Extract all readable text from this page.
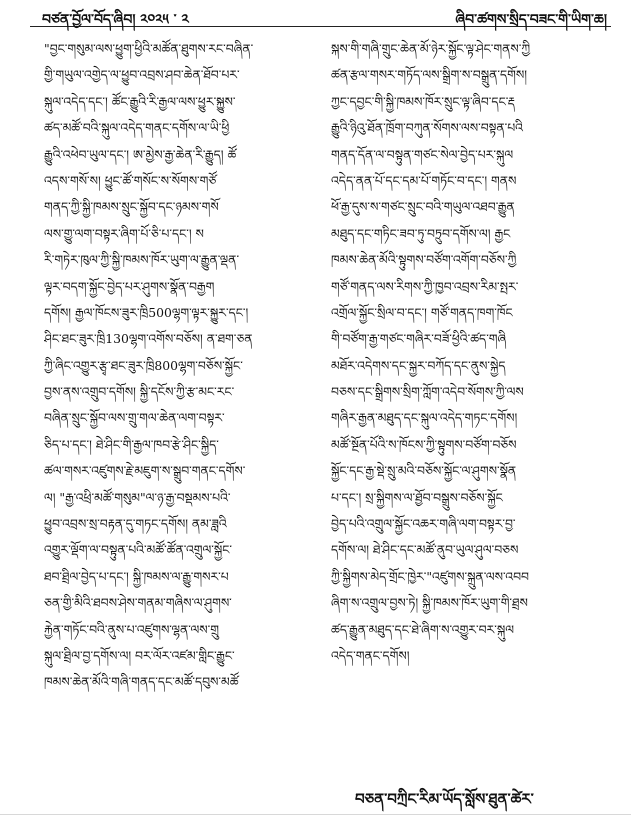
བཙན་བྱོལ་བོད་ཞིབ། ༢༠༢༥ ་ ༢	ཞིབ་ཚགས་སྲིད་བཟང་གི་ཡིག་ཆ།
"བྱང་གསུམ་ལས་ཕྱུག་ཕྱིའི་མཚོན་ཐུགས་རང་བཞིན་
གྱི་གཡུལ་འགྱེད་ལ་ཕྱུབ་འབྲས་ཤབ་ཆེན་ཐོབ་པར་
སྐུལ་འདེད་དང་། ཚོང་རྒྱུའི་རི་རྒྱལ་ལས་ཕྱུར་སྐྱུས་
ཚད་མཚོ་བའི་སྐུལ་འདེད་གནང་དགོས་ལ་ཡི་ཕྱི
རྒྱུའི་འཕེབ་ཡུལ་དང་། ཨ་མྱེས་རྒྱ་ཆེན་རི་རྒྱུད། ཚོ
འདས་གསོ་ས། ཕྱུང་ཚོ་གསོང་ས་སོགས་གཙོ
གནད་ཀྱི་སྐྱི་ཁམས་སྲུང་སྐྱོབ་དང་ཉམས་གསོ
ལས་གྱུ་ལག་བསྟར་ཞིག་པོ་ཅི་པ་དང་། ས
རི་གཏེར་ཁུལ་ཀྱི་སྐྱི་ཁམས་ཁོར་ཡུག་ལ་རྒྱུན་ལྡན་
ལྟར་བདག་སྐྱོང་བྱེད་པར་ཤུགས་སྣོན་བརྒྱག
དགོས། རྒྱལ་ཁོངས་ཟུར་ཁྲི500ལྷག་ལྟར་སྐྱུར་དང་།
ཤིང་ཐང་ཟུར་ཁྲི130ལྷག་འགོས་བཅོས། ན་ཐག་ཅན
ཀྱི་ཞིང་འགྱུར་རྩྭ་ཐང་ཟུར་ཁྲི800ལྷག་བཅོས་སྐྱོང་
བྱས་ནས་འགྲུབ་དགོས། སྐྱི་དངོས་ཀྱི་རྩ་མང་རང་
བཞིན་སྲུང་སྐྱོབ་ལས་གྲུ་གལ་ཆེན་ལག་བསྟར་
ཅིད་པ་དང་། ཐེ་ཤིང་གི་རྒྱལ་ཁབ་རྩེ་ཤིང་སྐྱིད་
ཚལ་གསར་འཛུགས་རྗེ་མཇུག་ས་སྒྲུབ་གནང་དགོས་
ལ། "རྒྱ་འཕྲི་མཚོ་གསུམ"ལ་ཉ་རྒྱ་བསྡམས་པའི་
ཕྱུབ་འབྲས་སྲ་བརྟན་དུ་གཏང་དགོས། ནམ་ཟླའི
འགྱུར་ལྡོག་ལ་བསྟུན་པའི་མཚོ་ཚོན་འགྲུལ་སྐྱོང་
ཐབ་ཐྲིལ་བྱེད་པ་དང་། སྐྱི་ཁམས་ལ་རྒྱུ་གསར་པ
ཅན་གྱི་མིའི་ཐབས་ཤེས་གནམ་གཞིས་ལ་ཤུགས་
རྐྱེན་གཏོང་བའི་ནུས་པ་འཛུགས་ལྷན་ལས་གྲུ
སྐུལ་ཐྲིལ་བྱ་དགོས་ལ། བར་ལོར་འཛམ་གླིང་རྒྱུང་
ཁམས་ཆེན་མོའི་གཞི་གནད་དང་མཚོ་དབུས་མཚོ
སྐས་གི་གཞི་གྲུང་ཆེན་མོ་ཉེར་སྐྱོང་ལྟ་ཤེང་གནས་ཀྱི
ཚན་རྩལ་གསར་གཏོད་ལས་སྒྲིག་ས་བསྒྲུན་དགོས།
ཀྱང་དབྱང་གི་སྐྱི་ཁམས་ཁོར་སྲུང་ལྟ་ཞིབ་དང་རྡ
རྒྱུའི་ཉིའུ་ཐོན་ཁྲོག་བཀུན་སོགས་ལས་བསྟན་པའི
གནད་དོན་ལ་བསྟུན་གཙང་སེལ་བྱེད་པར་སྐུལ
འདེད་ནན་པོ་དང་དམ་པོ་གཏོང་བ་དང་། གནས
ཕོ་རྒྱ་དུས་ས་གཙང་སྲུང་བའི་གཡུལ་འཐབ་རྒྱུན
མཐུད་དང་གཏིང་ཟབ་ཏུ་བཏྲུབ་དགོས་ལ། རྒྱང
ཁམས་ཆེན་མོའི་སྟུགས་བཙོག་འགོག་བཅོས་ཀྱི
གཙོ་གནད་ལས་རིགས་ཀྱི་ཁྱབ་འབྲས་རིམ་སྤར་
འགྲོལ་སྐྱོང་སྲིལ་བ་དང་། གཙོ་གནད་ཁག་ཁོང
གི་བཙོག་རྒྱ་གཙང་གཞིར་བཟོ་ཕྱིའི་ཚད་གཞི
མཐོར་འདེགས་དང་སྐྱར་བཀོད་དང་ནུས་སྐྱེད
བཅས་དང་སྒྲིགས་སྲིག་ཀློག་འདེབ་སོགས་ཀྱི་ལས
གཞིར་རྒྱན་མཐུད་དང་སྐུལ་འདེད་གཏང་དགོས།
མཚོ་སྔོན་པོའི་ས་ཁོངས་ཀྱི་སྟུགས་བཙོག་བཅོས
སྐྱོང་དང་རྒྱ་སྡེ་སྲུ་མའི་བཅོས་སྐྱོང་ལ་ཤུགས་སྣོན
པ་དང་། སྲ་སྐྱིགས་ལ་ཐྱོབ་བསྒྲུས་བཅོས་སྐྱོང
བྱེད་པའི་འགྲུལ་སྐྱོང་འཆར་གཞི་ལག་བསྟར་བྱ་
དགོས་ལ། ཐེ་ཤིང་དང་མཚོ་ནུབ་ཡུལ་ཤུལ་བཅས
ཀྱི་སྐྱིགས་མེད་གྲོང་ཁྱེར་"འཛུགས་སྐྲུན་ལས་འབབ
ཞིག་ས་འགྲུལ་བྱས་ཏེ། སྐྱི་ཁམས་ཁོར་ཡུག་གི་ཐྲས
ཚད་རྒྱུན་མཐུད་དང་ཐེ་ཞིག་ས་འགྱུར་བར་སྐུལ
འདེད་གནང་དགོས།
བཅན་བཀྲིང་རིམ་ཡོད་སློས་ཐུན་ཚེར་
